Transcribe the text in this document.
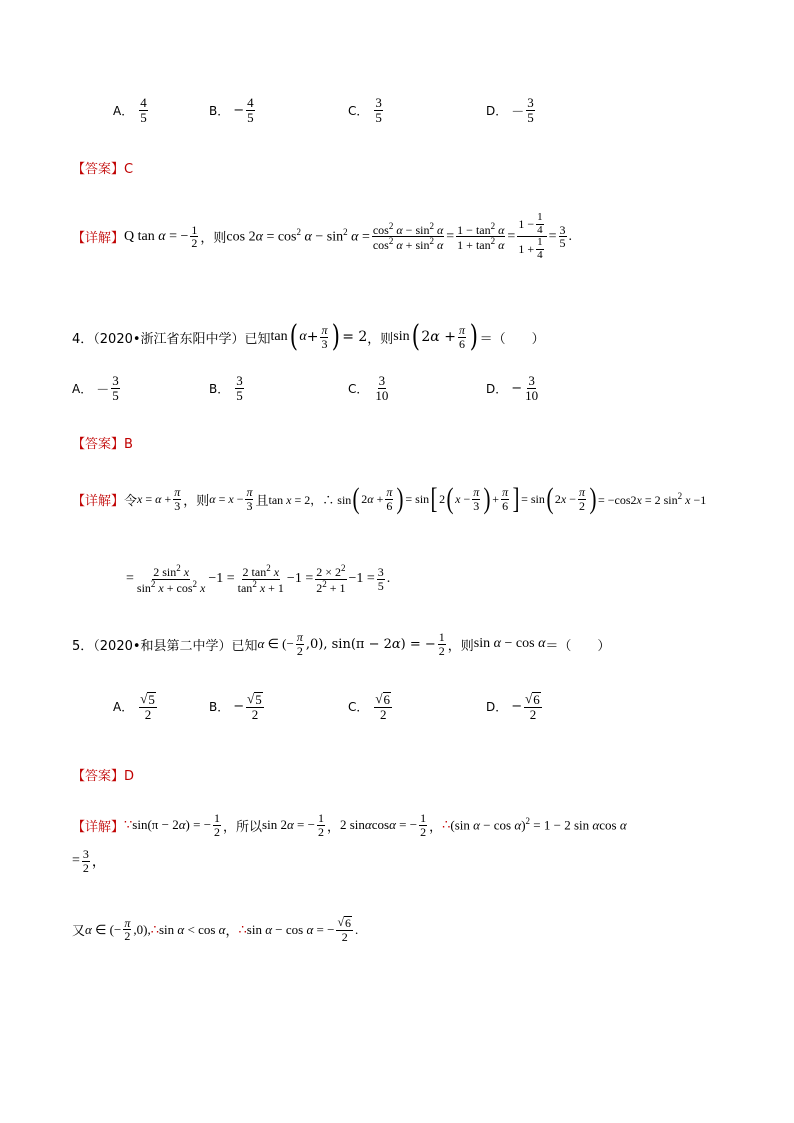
A． $\frac{4}{5}$	B． − $\frac{4}{5}$	C． $\frac{3}{5}$	D． － $\frac{3}{5}$
【答案】C
【详解】 Q tan α = − $\frac{1}{2}$ ，则 $\cos 2\alpha = \cos^2 \alpha - \sin^2 \alpha = \frac{\cos^2 \alpha - \sin^2 \alpha}{\cos^2 \alpha + \sin^2 \alpha} = \frac{1 - \tan^2 \alpha}{1 + \tan^2 \alpha} = \frac{1 - \frac{1}{4}}{1 + \frac{1}{4}} = \frac{3}{5}$ .
4．（2020•浙江省东阳中学）已知 tan ( $\alpha + \frac{\pi}{3}$ ) = 2 ，则 sin ( $2\alpha + \frac{\pi}{6}$ ) ＝（　　）
A． － $\frac{3}{5}$	B． $\frac{3}{5}$	C． $\frac{3}{10}$	D． − $\frac{3}{10}$
【答案】B
【详解】 令 $x = \alpha + \frac{\pi}{3}$ ，则 $\alpha = x - \frac{\pi}{3}$ 且 tan x = 2，∴ sin ( $2\alpha + \frac{\pi}{6}$ ) = sin [ 2 ( $x - \frac{\pi}{3}$ ) + $\frac{\pi}{6}$ ] = sin ( $2x - \frac{\pi}{2}$ ) = −cos2x = 2 $\sin^2 x -1$
= $\frac{2 \sin^2 x}{\sin^2 x + \cos^2 x} -1 = \frac{2 \tan^2 x}{\tan^2 x + 1} -1 = \frac{2 \times 2^2}{2^2 + 1} -1 = \frac{3}{5}$ .
5．（2020•和县第二中学）已知 α ∈ (− $\frac{\pi}{2} ,0$), sin(π − 2α) = − $\frac{1}{2}$ ，则 sin α − cos α ＝（　　）
A． $\frac{√ 5}{2}$	B． − $\frac{√ 5}{2}$	C． $\frac{√ 6}{2}$	D． − $\frac{√ 6}{2}$
【答案】D
【详解】 ∵ sin(π − 2α) = − $\frac{1}{2}$ ，所以 sin 2α = − $\frac{1}{2}$ ， 2 sinαcosα = − $\frac{1}{2}$ ， ∴ (sin α − cos α)$^2$ = 1 − 2 sin αcos α
= $\frac{3}{2}$ ，
又 α ∈ (− $\frac{\pi}{2} ,0$), ∴ sin α < cos α ， ∴ sin α − cos α = − $\frac{√ 6}{2}$ .
